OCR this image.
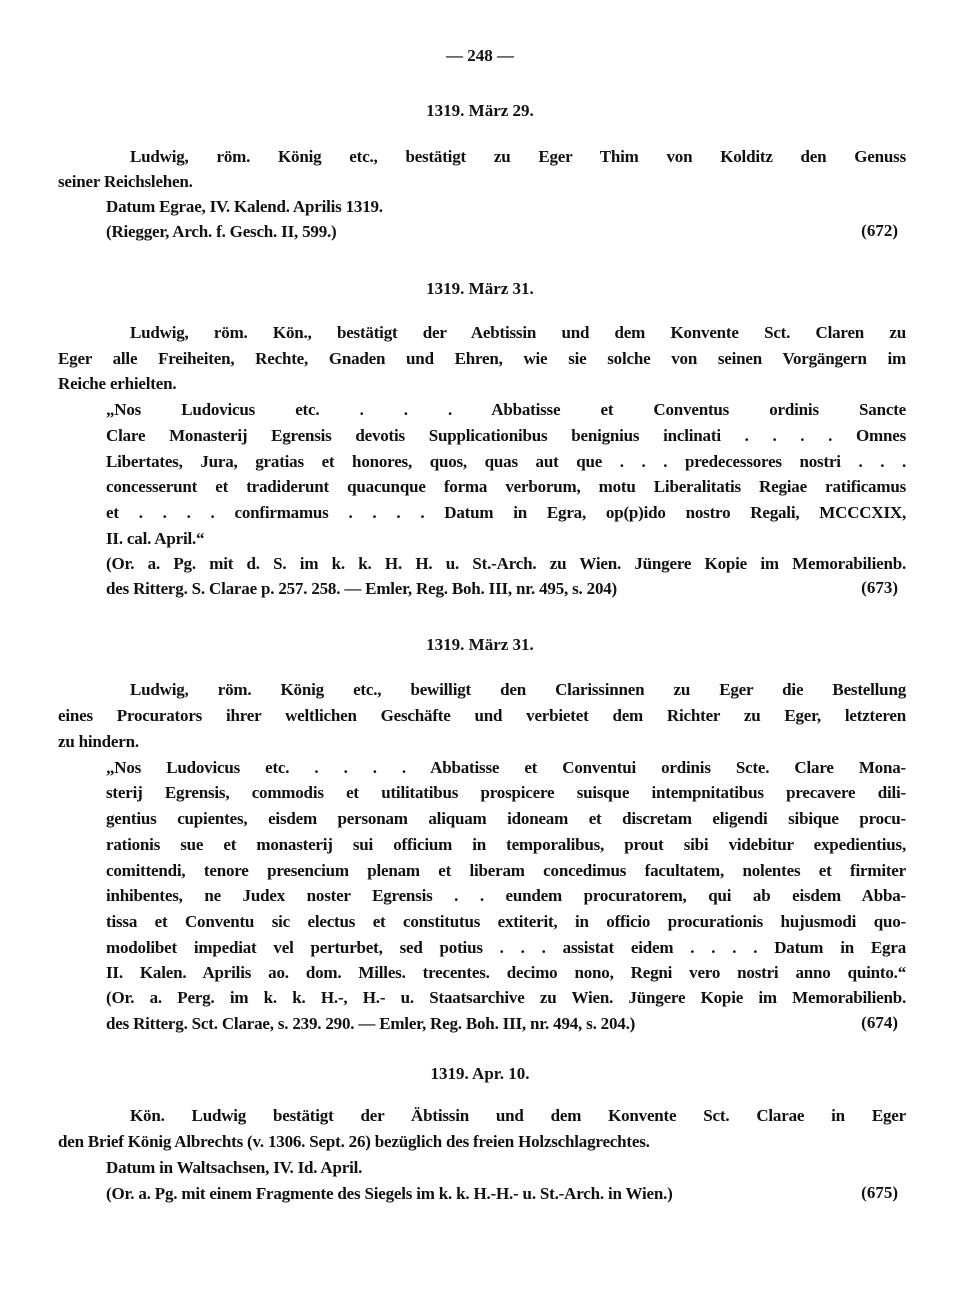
— 248 —
1319. März 29.
Ludwig, röm. König etc., bestätigt zu Eger Thim von Kolditz den Genuss
seiner Reichslehen.
Datum Egrae, IV. Kalend. Aprilis 1319.
(Riegger, Arch. f. Gesch. II, 599.)	(672)
1319. März 31.
Ludwig, röm. Kön., bestätigt der Aebtissin und dem Konvente Sct. Claren zu
Eger alle Freiheiten, Rechte, Gnaden und Ehren, wie sie solche von seinen Vorgängern im
Reiche erhielten.
„Nos Ludovicus etc. . . . Abbatisse et Conventus ordinis Sancte
Clare Monasterij Egrensis devotis Supplicationibus benignius inclinati . . . . Omnes
Libertates, Jura, gratias et honores, quos, quas aut que . . . predecessores nostri . . .
concesserunt et tradiderunt quacunque forma verborum, motu Liberalitatis Regiae ratificamus
et . . . . confirmamus . . . . Datum in Egra, op(p)ido nostro Regali, MCCCXIX,
II. cal. April.“
(Or. a. Pg. mit d. S. im k. k. H. H. u. St.-Arch. zu Wien. Jüngere Kopie im Memorabilienb.
des Ritterg. S. Clarae p. 257. 258. — Emler, Reg. Boh. III, nr. 495, s. 204)	(673)
1319. März 31.
Ludwig, röm. König etc., bewilligt den Clarissinnen zu Eger die Bestellung
eines Procurators ihrer weltlichen Geschäfte und verbietet dem Richter zu Eger, letzteren
zu hindern.
„Nos Ludovicus etc. . . . . Abbatisse et Conventui ordinis Scte. Clare Mona-
sterij Egrensis, commodis et utilitatibus prospicere suisque intempnitatibus precavere dili-
gentius cupientes, eisdem personam aliquam idoneam et discretam eligendi sibique procu-
rationis sue et monasterij sui officium in temporalibus, prout sibi videbitur expedientius,
comittendi, tenore presencium plenam et liberam concedimus facultatem, nolentes et firmiter
inhibentes, ne Judex noster Egrensis . . eundem procuratorem, qui ab eisdem Abba-
tissa et Conventu sic electus et constitutus extiterit, in officio procurationis hujusmodi quo-
modolibet impediat vel perturbet, sed potius . . . assistat eidem . . . . Datum in Egra
II. Kalen. Aprilis ao. dom. Milles. trecentes. decimo nono, Regni vero nostri anno quinto.“
(Or. a. Perg. im k. k. H.-, H.- u. Staatsarchive zu Wien. Jüngere Kopie im Memorabilienb.
des Ritterg. Sct. Clarae, s. 239. 290. — Emler, Reg. Boh. III, nr. 494, s. 204.)	(674)
1319. Apr. 10.
Kön. Ludwig bestätigt der Äbtissin und dem Konvente Sct. Clarae in Eger
den Brief König Albrechts (v. 1306. Sept. 26) bezüglich des freien Holzschlagrechtes.
Datum in Waltsachsen, IV. Id. April.
(Or. a. Pg. mit einem Fragmente des Siegels im k. k. H.-H.- u. St.-Arch. in Wien.)	(675)
